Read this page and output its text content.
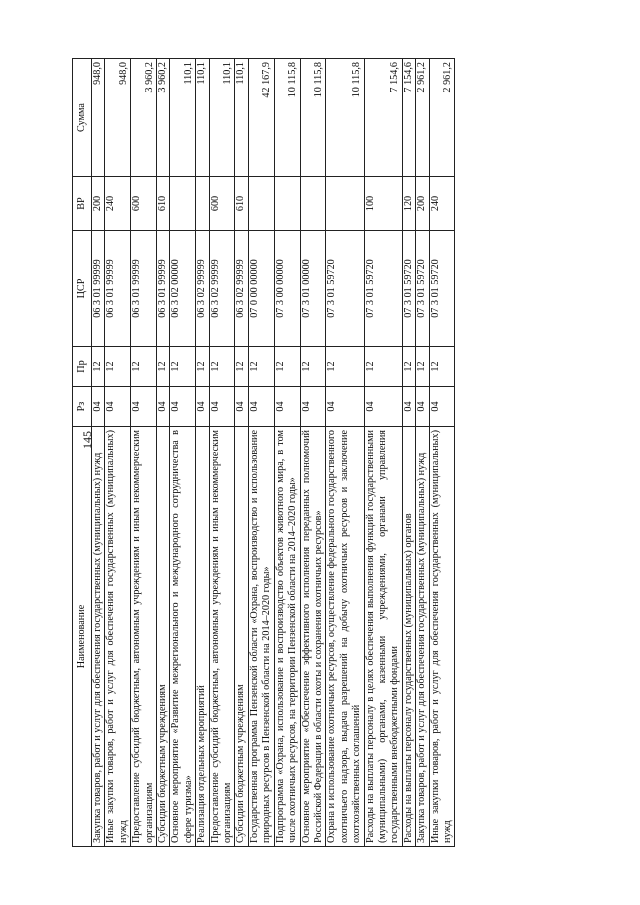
145
Наименование	Рз	Пр	ЦСР	ВР	Сумма
Закупка товаров, работ и услуг для обеспечения государственных (муниципальных) нужд	04	12	06 3 01 99999	200	948,0
Иные закупки товаров, работ и услуг для обеспечения государственных (муниципальных) нужд	04	12	06 3 01 99999	240	948,0
Предоставление субсидий бюджетным, автономным учреждениям и иным некоммерческим организациям	04	12	06 3 01 99999	600	3 960,2
Субсидии бюджетным учреждениям	04	12	06 3 01 99999	610	3 960,2
Основное мероприятие «Развитие межрегионального и международного сотрудничества в сфере туризма»	04	12	06 3 02 00000		110,1
Реализация отдельных мероприятий	04	12	06 3 02 99999		110,1
Предоставление субсидий бюджетным, автономным учреждениям и иным некоммерческим организациям	04	12	06 3 02 99999	600	110,1
Субсидии бюджетным учреждениям	04	12	06 3 02 99999	610	110,1
Государственная программа Пензенской области «Охрана, воспроизводство и использование природных ресурсов в Пензенской области на 2014–2020 годы»	04	12	07 0 00 00000		42 167,9
Подпрограмма «Охрана, использование и воспроизводство объектов животного мира, в том числе охотничьих ресурсов, на территории Пензенской области на 2014–2020 годы»	04	12	07 3 00 00000		10 115,8
Основное мероприятие «Обеспечение эффективного исполнения переданных полномочий Российской Федерации в области охоты и сохранения охотничьих ресурсов»	04	12	07 3 01 00000		10 115,8
Охрана и использование охотничьих ресурсов, осуществление федерального государственного охотничьего надзора, выдача разрешений на добычу охотничьих ресурсов и заключение охотхозяйственных соглашений	04	12	07 3 01 59720		10 115,8
Расходы на выплаты персоналу в целях обеспечения выполнения функций государственными (муниципальными) органами, казенными учреждениями, органами управления государственными внебюджетными фондами	04	12	07 3 01 59720	100	7 154,6
Расходы на выплаты персоналу государственных (муниципальных) органов	04	12	07 3 01 59720	120	7 154,6
Закупка товаров, работ и услуг для обеспечения государственных (муниципальных) нужд	04	12	07 3 01 59720	200	2 961,2
Иные закупки товаров, работ и услуг для обеспечения государственных (муниципальных) нужд	04	12	07 3 01 59720	240	2 961,2
